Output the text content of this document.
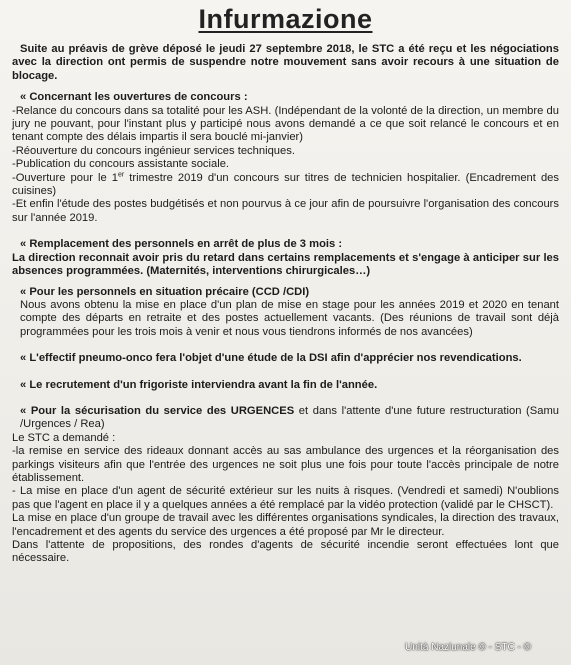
Infurmazione

Suite au préavis de grève déposé le jeudi 27 septembre 2018, le STC a été reçu et les négociations avec la direction ont permis de suspendre notre mouvement sans avoir recours à une situation de blocage.

« Concernant les ouvertures de concours :

-Relance du concours dans sa totalité pour les ASH. (Indépendant de la volonté de la direction, un membre du jury ne pouvant, pour l'instant plus y participé nous avons demandé a ce que soit relancé le concours et en tenant compte des délais impartis il sera bouclé mi-janvier)

-Réouverture du concours ingénieur services techniques.

-Publication du concours assistante sociale.

-Ouverture pour le 1er trimestre 2019 d'un concours sur titres de technicien hospitalier. (Encadrement des cuisines)

-Et enfin l'étude des postes budgétisés et non pourvus à ce jour afin de poursuivre l'organisation des concours sur l'année 2019.

« Remplacement des personnels en arrêt de plus de 3 mois :

La direction reconnait avoir pris du retard dans certains remplacements et s'engage à anticiper sur les absences programmées. (Maternités, interventions chirurgicales…)

« Pour les personnels en situation précaire (CCD /CDI)

Nous avons obtenu la mise en place d'un plan de mise en stage pour les années 2019 et 2020 en tenant compte des départs en retraite et des postes actuellement vacants. (Des réunions de travail sont déjà programmées pour les trois mois à venir et nous vous tiendrons informés de nos avancées)

« L'effectif pneumo-onco fera l'objet d'une étude de la DSI afin d'apprécier nos revendications.

« Le recrutement d'un frigoriste interviendra avant la fin de l'année.

« Pour la sécurisation du service des URGENCES et dans l'attente d'une future restructuration (Samu /Urgences / Rea)

Le STC a demandé :

-la remise en service des rideaux donnant accès au sas ambulance des urgences et la réorganisation des parkings visiteurs afin que l'entrée des urgences ne soit plus une fois pour toute l'accès principale de notre établissement.

- La mise en place d'un agent de sécurité extérieur sur les nuits à risques. (Vendredi et samedi) N'oublions pas que l'agent en place il y a quelques années a été remplacé par la vidéo protection (validé par le CHSCT).

La mise en place d'un groupe de travail avec les différentes organisations syndicales, la direction des travaux, l'encadrement et des agents du service des urgences a été proposé par Mr le directeur.

Dans l'attente de propositions, des rondes d'agents de sécurité incendie seront effectuées lont que nécessaire.

Unità Naziunale © - STC - ©
